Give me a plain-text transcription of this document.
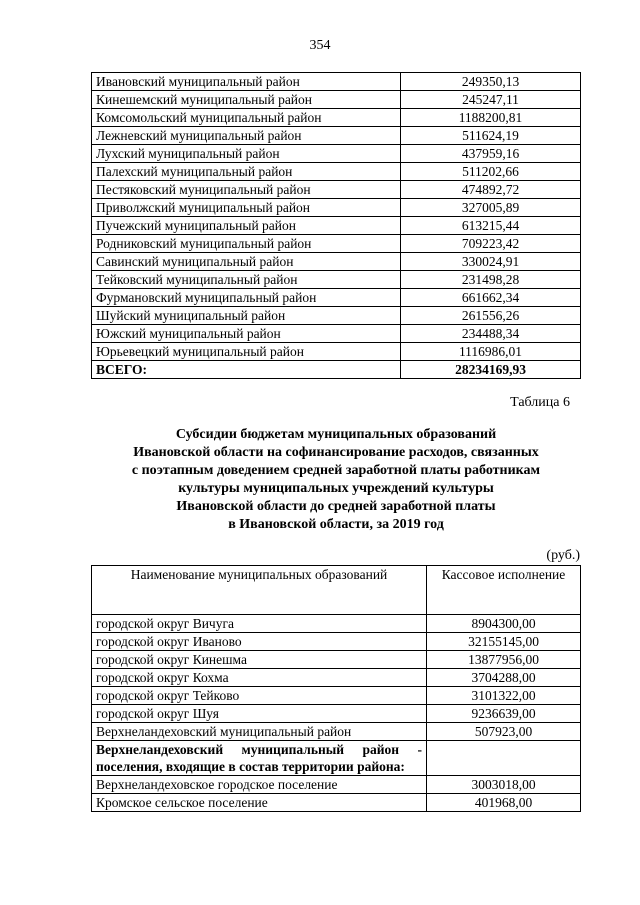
354
Ивановский муниципальный район	249350,13
Кинешемский муниципальный район	245247,11
Комсомольский муниципальный район	1188200,81
Лежневский муниципальный район	511624,19
Лухский муниципальный район	437959,16
Палехский муниципальный район	511202,66
Пестяковский муниципальный район	474892,72
Приволжский муниципальный район	327005,89
Пучежский муниципальный район	613215,44
Родниковский муниципальный район	709223,42
Савинский муниципальный район	330024,91
Тейковский муниципальный район	231498,28
Фурмановский муниципальный район	661662,34
Шуйский муниципальный район	261556,26
Южский муниципальный район	234488,34
Юрьевецкий муниципальный район	1116986,01
ВСЕГО:	28234169,93
Таблица 6
Субсидии бюджетам муниципальных образований
Ивановской области на софинансирование расходов, связанных
с поэтапным доведением средней заработной платы работникам
культуры муниципальных учреждений культуры
Ивановской области до средней заработной платы
в Ивановской области, за 2019 год
(руб.)
Наименование муниципальных образований	Кассовое исполнение
городской округ Вичуга	8904300,00
городской округ Иваново	32155145,00
городской округ Кинешма	13877956,00
городской округ Кохма	3704288,00
городской округ Тейково	3101322,00
городской округ Шуя	9236639,00
Верхнеландеховский муниципальный район	507923,00
Верхнеландеховский муниципальный район - поселения, входящие в состав территории района:	
Верхнеландеховское городское поселение	3003018,00
Кромское сельское поселение	401968,00
